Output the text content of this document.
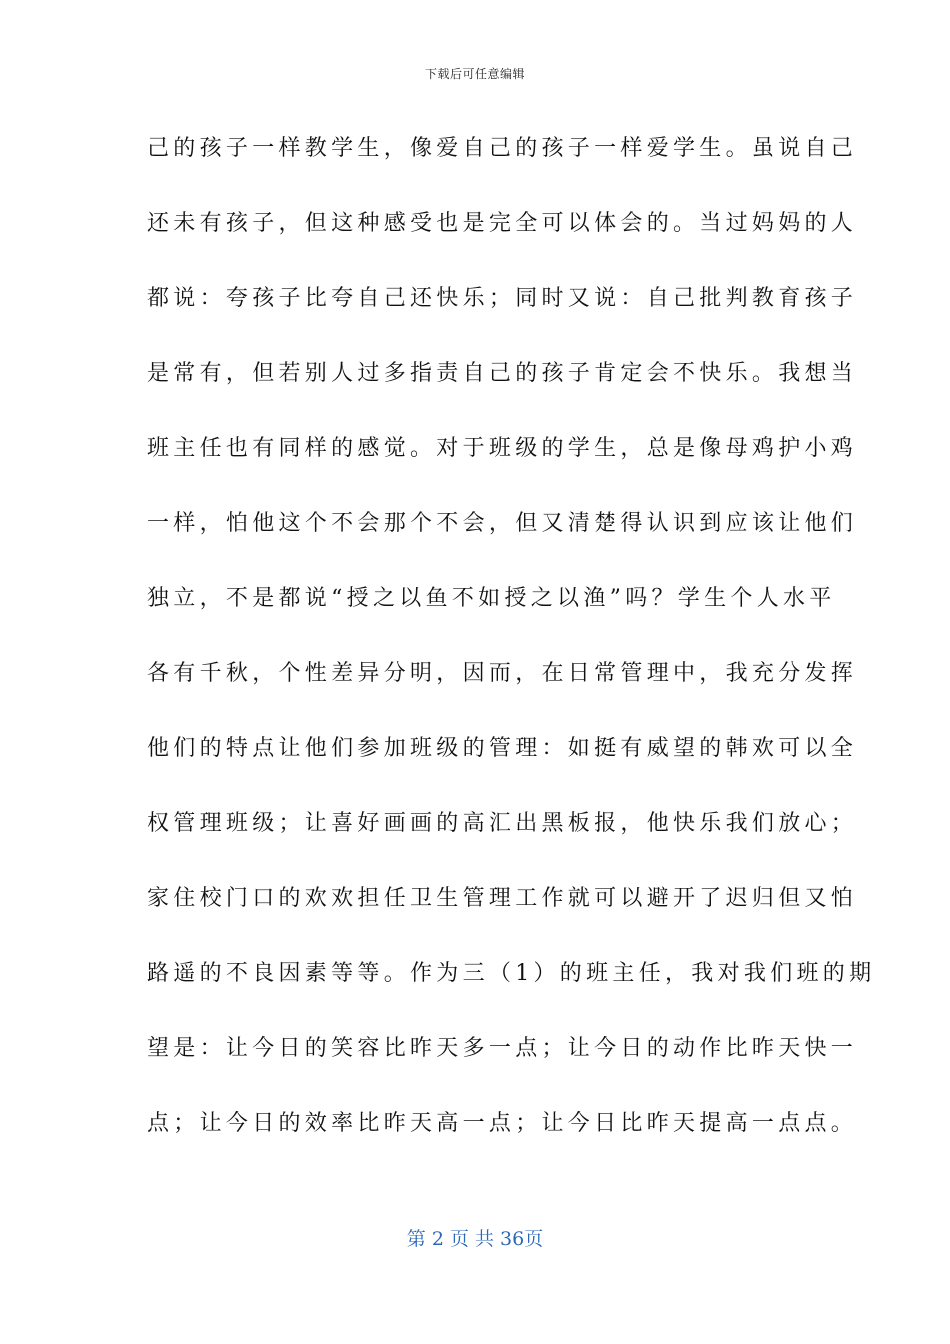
下载后可任意编辑
己的孩子一样教学生，像爱自己的孩子一样爱学生。虽说自己
还未有孩子，但这种感受也是完全可以体会的。当过妈妈的人
都说：夸孩子比夸自己还快乐；同时又说：自己批判教育孩子
是常有，但若别人过多指责自己的孩子肯定会不快乐。我想当
班主任也有同样的感觉。对于班级的学生，总是像母鸡护小鸡
一样，怕他这个不会那个不会，但又清楚得认识到应该让他们
独立，不是都说“授之以鱼不如授之以渔”吗？学生个人水平
各有千秋，个性差异分明，因而，在日常管理中，我充分发挥
他们的特点让他们参加班级的管理：如挺有威望的韩欢可以全
权管理班级；让喜好画画的高汇出黑板报，他快乐我们放心；
家住校门口的欢欢担任卫生管理工作就可以避开了迟归但又怕
路遥的不良因素等等。作为三（1）的班主任，我对我们班的期
望是：让今日的笑容比昨天多一点；让今日的动作比昨天快一
点；让今日的效率比昨天高一点；让今日比昨天提高一点点。
第 2 页 共 36页
